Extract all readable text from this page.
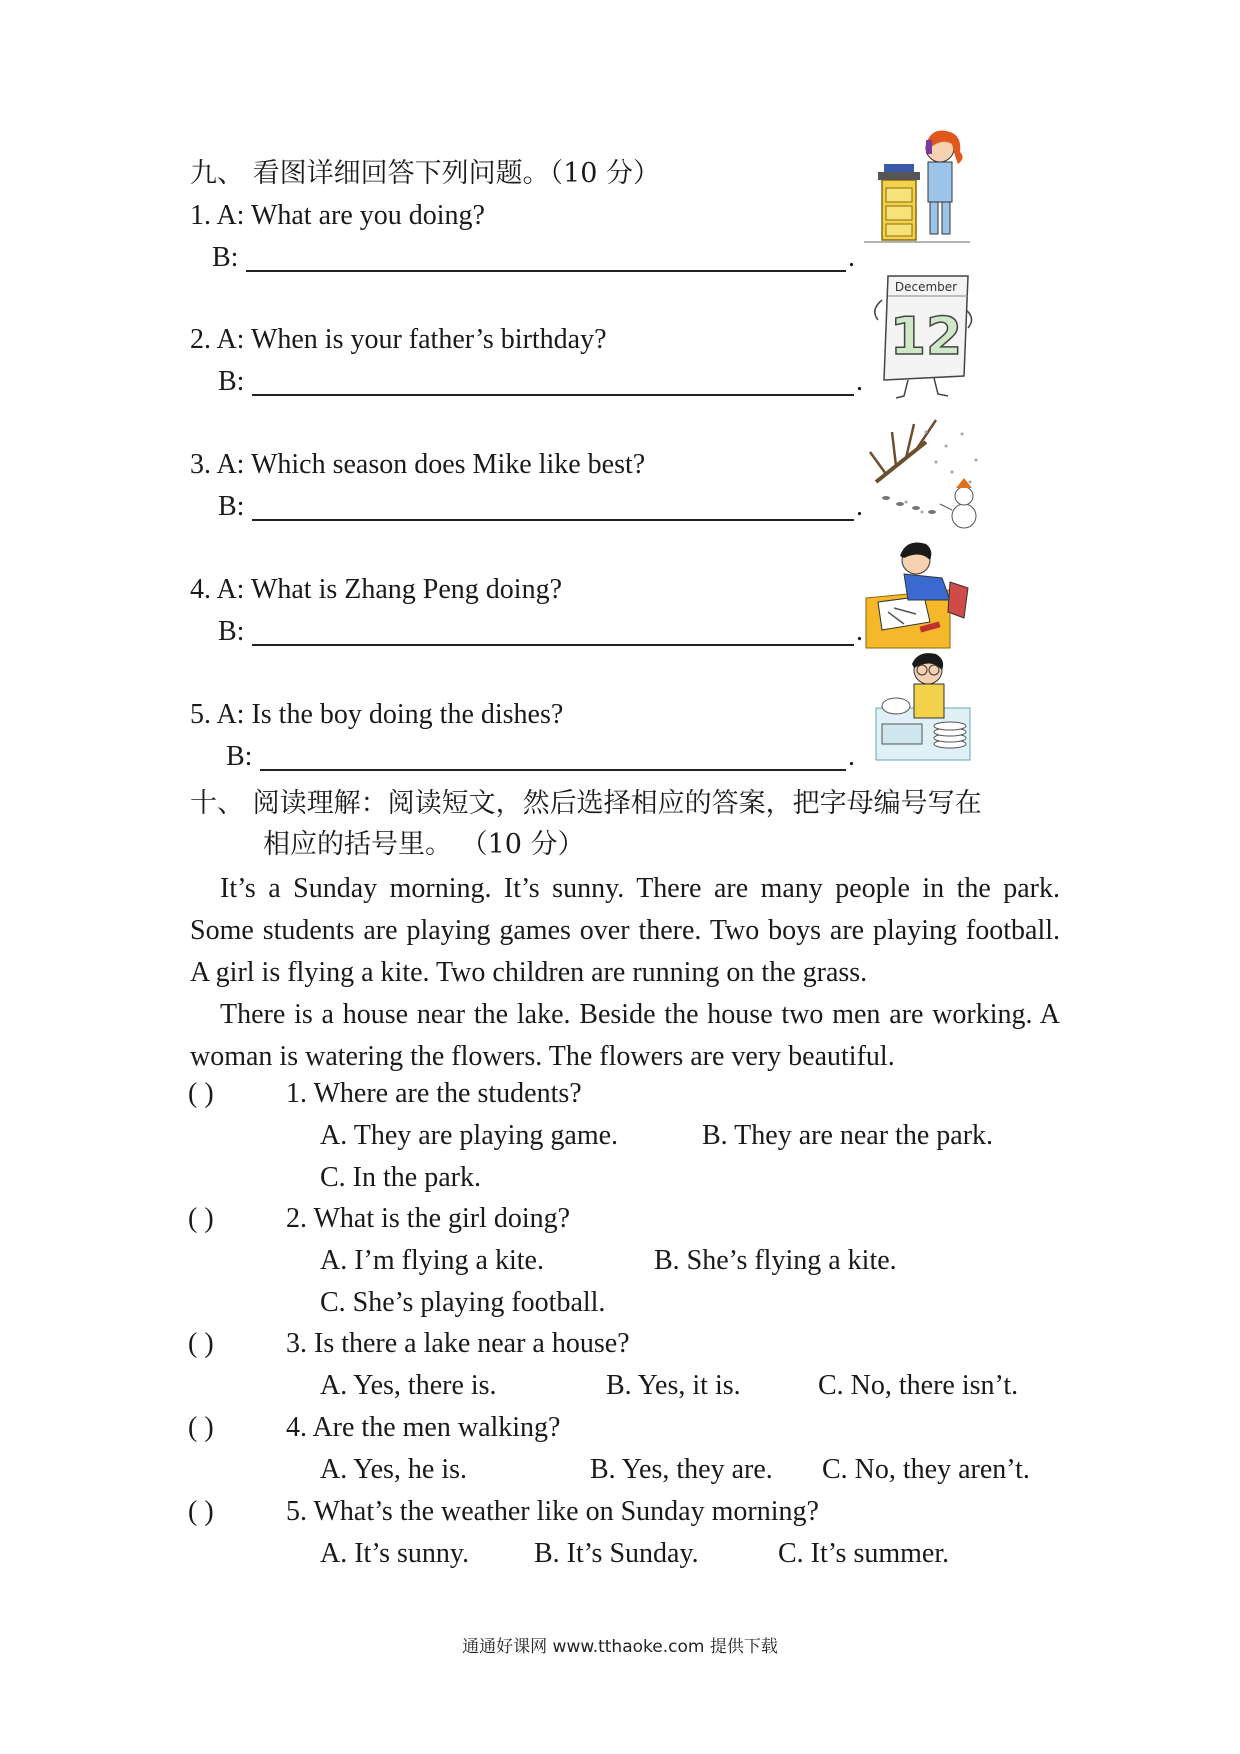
九、 看图详细回答下列问题。（10 分）
1. A: What are you doing?
B:	.
2. A: When is your father’s birthday?
B:	.
3. A: Which season does Mike like best?
B:	.
4. A: What is Zhang Peng doing?
B:	.
5. A: Is the boy doing the dishes?
B:	.
December
12
十、 阅读理解：阅读短文，然后选择相应的答案，把字母编号写在
相应的括号里。 （10 分）

It’s a Sunday morning. It’s sunny. There are many people in the park. Some students are playing games over there. Two boys are playing football. A girl is flying a kite. Two children are running on the grass.

There is a house near the lake. Beside the house two men are working. A woman is watering the flowers. The flowers are very beautiful.

( )	1. Where are the students?
A. They are playing game.	B. They are near the park.
C. In the park.
( )	2. What is the girl doing?
A. I’m flying a kite.	B. She’s flying a kite.
C. She’s playing football.
( )	3. Is there a lake near a house?
A. Yes, there is.	B. Yes, it is.	C. No, there isn’t.
( )	4. Are the men walking?
A. Yes, he is.	B. Yes, they are. C. No, they aren’t.
( )	5. What’s the weather like on Sunday morning?
A. It’s sunny. B. It’s Sunday.	C. It’s summer.
通通好课网 www.tthaoke.com 提供下载
